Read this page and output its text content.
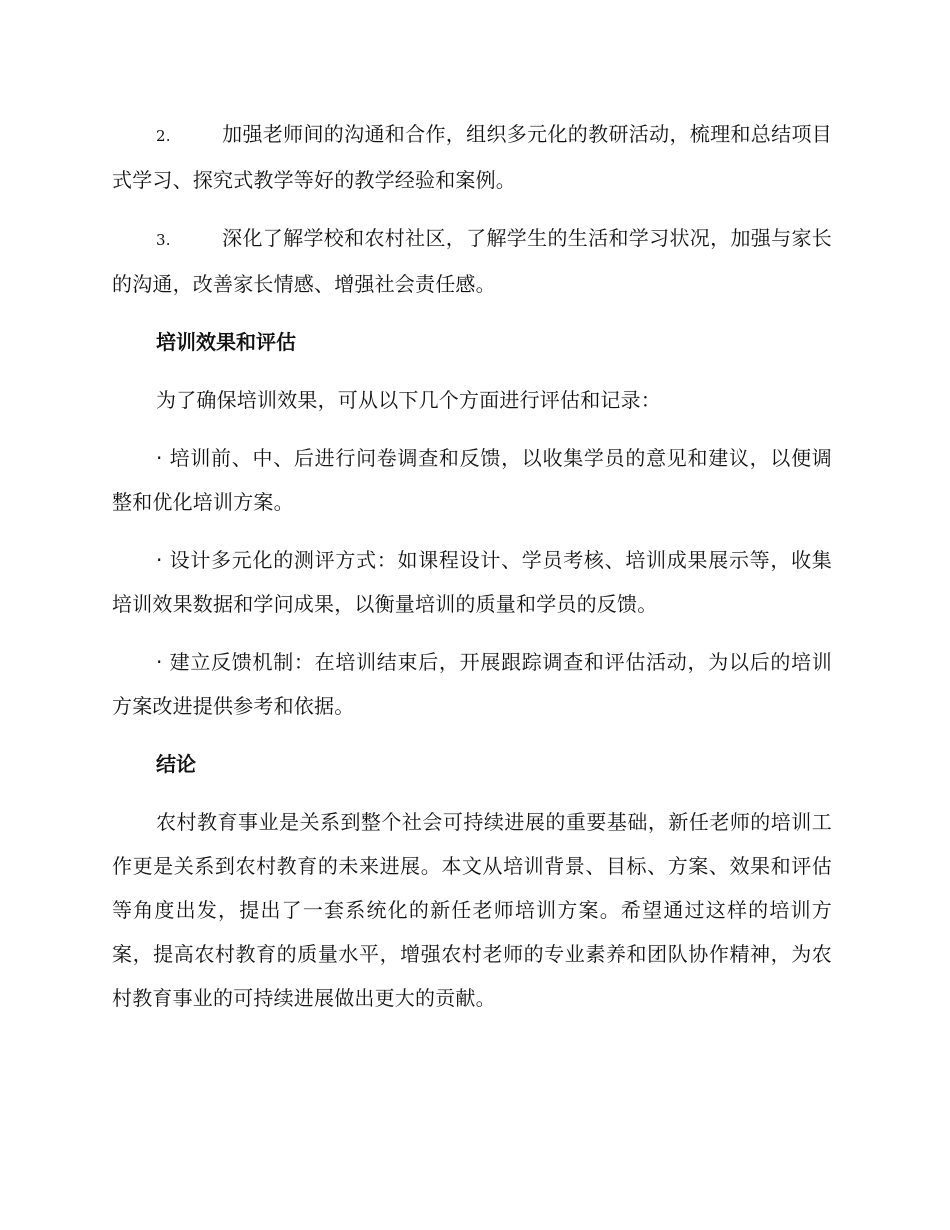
2.	加强老师间的沟通和合作，组织多元化的教研活动，梳理和总结项目式学习、探究式教学等好的教学经验和案例。

3.	深化了解学校和农村社区，了解学生的生活和学习状况，加强与家长的沟通，改善家长情感、增强社会责任感。

培训效果和评估

为了确保培训效果，可从以下几个方面进行评估和记录：

· 培训前、中、后进行问卷调查和反馈，以收集学员的意见和建议，以便调整和优化培训方案。

· 设计多元化的测评方式：如课程设计、学员考核、培训成果展示等，收集培训效果数据和学问成果，以衡量培训的质量和学员的反馈。

· 建立反馈机制：在培训结束后，开展跟踪调查和评估活动，为以后的培训方案改进提供参考和依据。

结论

农村教育事业是关系到整个社会可持续进展的重要基础，新任老师的培训工作更是关系到农村教育的未来进展。本文从培训背景、目标、方案、效果和评估等角度出发，提出了一套系统化的新任老师培训方案。希望通过这样的培训方案，提高农村教育的质量水平，增强农村老师的专业素养和团队协作精神，为农村教育事业的可持续进展做出更大的贡献。
